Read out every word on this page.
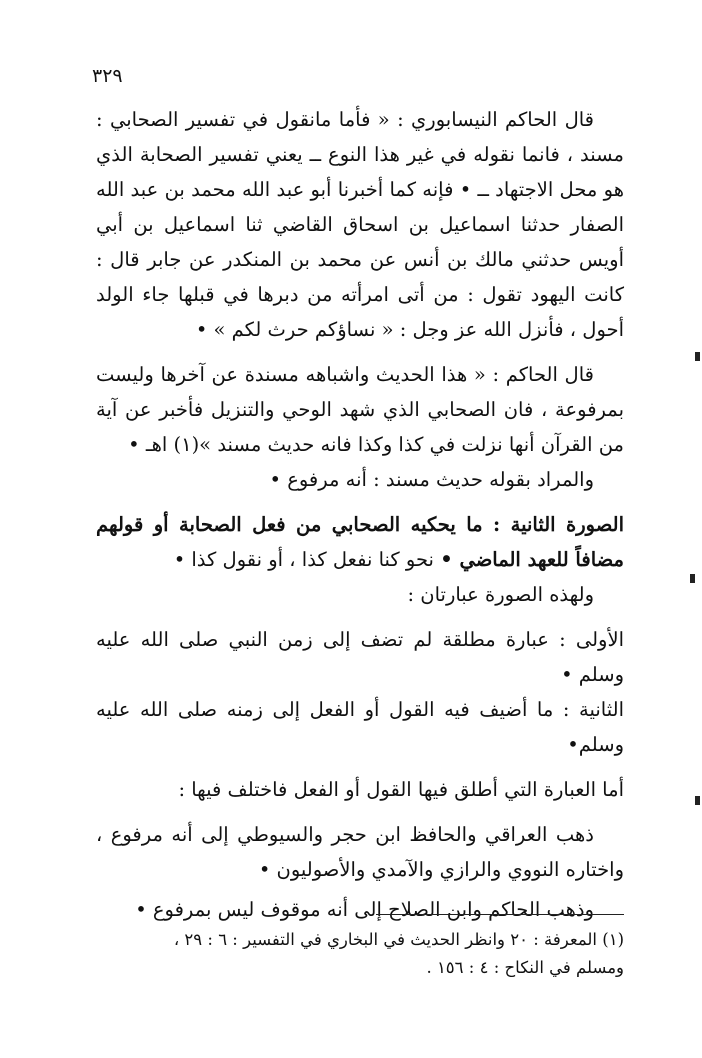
٣٢٩

قال الحاكم النيسابوري : « فأما مانقول في تفسير الصحابي : مسند ، فانما نقوله في غير هذا النوع ــ يعني تفسير الصحابة الذي هو محل الاجتهاد ــ • فإنه كما أخبرنا أبو عبد الله محمد بن عبد الله الصفار حدثنا اسماعيل بن اسحاق القاضي ثنا اسماعيل بن أبي أويس حدثني مالك بن أنس عن محمد بن المنكدر عن جابر قال : كانت اليهود تقول : من أتى امرأته من دبرها في قبلها جاء الولد أحول ، فأنزل الله عز وجل : « نساؤكم حرث لكم » •

قال الحاكم : « هذا الحديث واشباهه مسندة عن آخرها وليست بمرفوعة ، فان الصحابي الذي شهد الوحي والتنزيل فأخبر عن آية من القرآن أنها نزلت في كذا وكذا فانه حديث مسند »(١) اهـ •

والمراد بقوله حديث مسند : أنه مرفوع •

الصورة الثانية : ما يحكيه الصحابي من فعل الصحابة أو قولهم مضافاً للعهد الماضي • نحو كنا نفعل كذا ، أو نقول كذا •

ولهذه الصورة عبارتان :

الأولى : عبارة مطلقة لم تضف إلى زمن النبي صلى الله عليه وسلم •

الثانية : ما أضيف فيه القول أو الفعل إلى زمنه صلى الله عليه وسلم•

أما العبارة التي أطلق فيها القول أو الفعل فاختلف فيها :

ذهب العراقي والحافظ ابن حجر والسيوطي إلى أنه مرفوع ، واختاره النووي والرازي والآمدي والأصوليون •

وذهب الحاكم وابن الصلاح إلى أنه موقوف ليس بمرفوع •

(١) المعرفة : ٢٠ وانظر الحديث في البخاري في التفسير : ٦ : ٢٩ ،

ومسلم في النكاح : ٤ : ١٥٦ .
